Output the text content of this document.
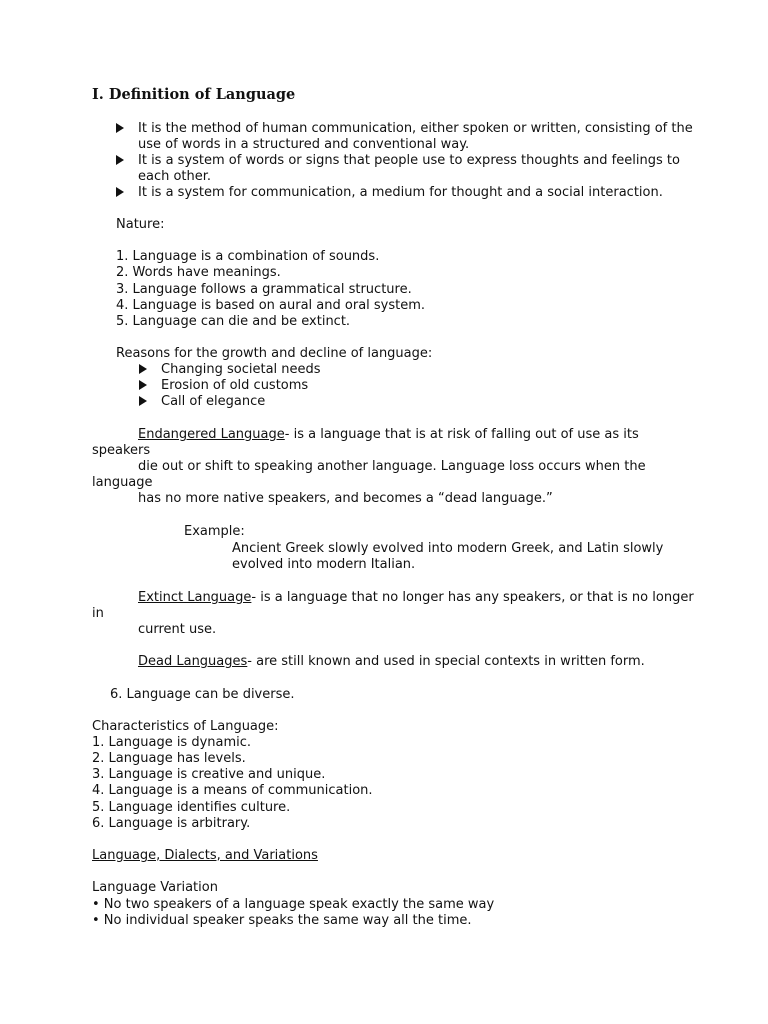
I. Definition of Language
It is the method of human communication, either spoken or written, consisting of the
use of words in a structured and conventional way.
It is a system of words or signs that people use to express thoughts and feelings to
each other.
It is a system for communication, a medium for thought and a social interaction.
Nature:
1. Language is a combination of sounds.
2. Words have meanings.
3. Language follows a grammatical structure.
4. Language is based on aural and oral system.
5. Language can die and be extinct.
Reasons for the growth and decline of language:
Changing societal needs
Erosion of old customs
Call of elegance
Endangered Language- is a language that is at risk of falling out of use as its
speakers
die out or shift to speaking another language. Language loss occurs when the
language
has no more native speakers, and becomes a “dead language.”
Example:
Ancient Greek slowly evolved into modern Greek, and Latin slowly
evolved into modern Italian.
Extinct Language- is a language that no longer has any speakers, or that is no longer
in
current use.
Dead Languages- are still known and used in special contexts in written form.
6. Language can be diverse.
Characteristics of Language:
1. Language is dynamic.
2. Language has levels.
3. Language is creative and unique.
4. Language is a means of communication.
5. Language identifies culture.
6. Language is arbitrary.
Language, Dialects, and Variations
Language Variation
• No two speakers of a language speak exactly the same way
• No individual speaker speaks the same way all the time.
